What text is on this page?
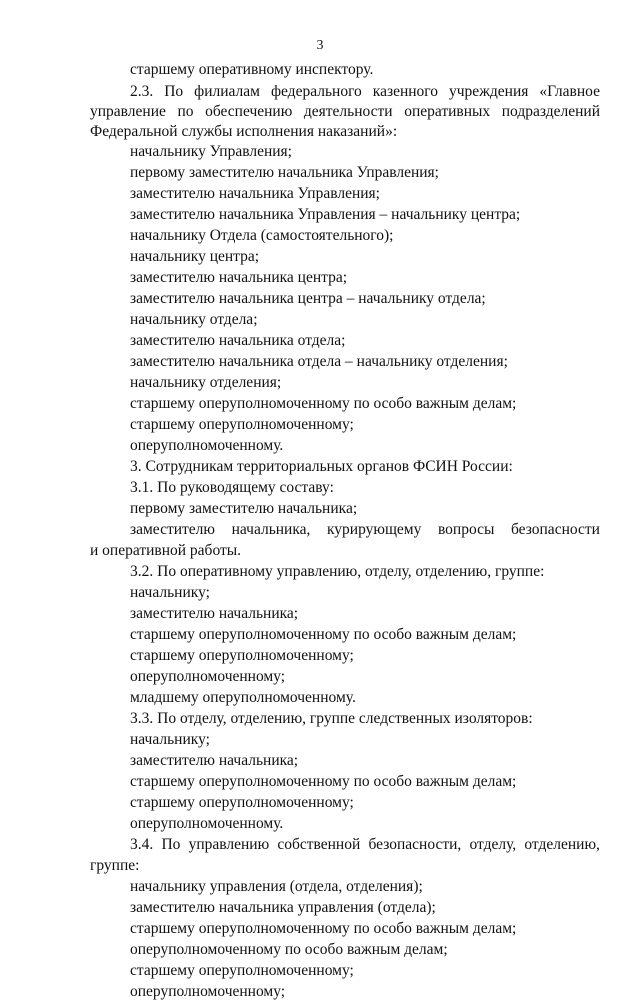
3
старшему оперативному инспектору.
2.3. По филиалам федерального казенного учреждения «Главное
управление по обеспечению деятельности оперативных подразделений
Федеральной службы исполнения наказаний»:
начальнику Управления;
первому заместителю начальника Управления;
заместителю начальника Управления;
заместителю начальника Управления – начальнику центра;
начальнику Отдела (самостоятельного);
начальнику центра;
заместителю начальника центра;
заместителю начальника центра – начальнику отдела;
начальнику отдела;
заместителю начальника отдела;
заместителю начальника отдела – начальнику отделения;
начальнику отделения;
старшему оперуполномоченному по особо важным делам;
старшему оперуполномоченному;
оперуполномоченному.
3. Сотрудникам территориальных органов ФСИН России:
3.1. По руководящему составу:
первому заместителю начальника;
заместителю начальника, курирующему вопросы безопасности
и оперативной работы.
3.2. По оперативному управлению, отделу, отделению, группе:
начальнику;
заместителю начальника;
старшему оперуполномоченному по особо важным делам;
старшему оперуполномоченному;
оперуполномоченному;
младшему оперуполномоченному.
3.3. По отделу, отделению, группе следственных изоляторов:
начальнику;
заместителю начальника;
старшему оперуполномоченному по особо важным делам;
старшему оперуполномоченному;
оперуполномоченному.
3.4. По управлению собственной безопасности, отделу, отделению,
группе:
начальнику управления (отдела, отделения);
заместителю начальника управления (отдела);
старшему оперуполномоченному по особо важным делам;
оперуполномоченному по особо важным делам;
старшему оперуполномоченному;
оперуполномоченному;
